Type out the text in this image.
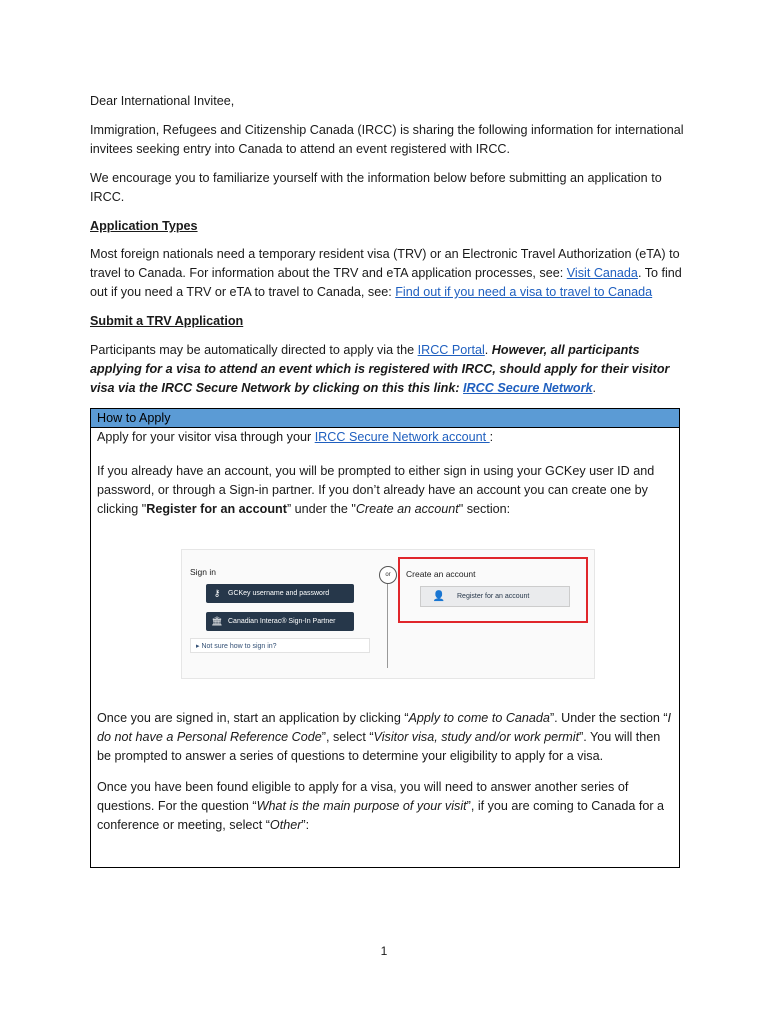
Dear International Invitee,

Immigration, Refugees and Citizenship Canada (IRCC) is sharing the following information for international invitees seeking entry into Canada to attend an event registered with IRCC.

We encourage you to familiarize yourself with the information below before submitting an application to IRCC.

Application Types

Most foreign nationals need a temporary resident visa (TRV) or an Electronic Travel Authorization (eTA) to travel to Canada. For information about the TRV and eTA application processes, see: Visit Canada. To find out if you need a TRV or eTA to travel to Canada, see: Find out if you need a visa to travel to Canada

Submit a TRV Application

Participants may be automatically directed to apply via the IRCC Portal. However, all participants applying for a visa to attend an event which is registered with IRCC, should apply for their visitor visa via the IRCC Secure Network by clicking on this this link: IRCC Secure Network.

How to Apply

Apply for your visitor visa through your IRCC Secure Network account :

If you already have an account, you will be prompted to either sign in using your GCKey user ID and password, or through a Sign-in partner. If you don’t already have an account you can create one by clicking "Register for an account” under the "Create an account" section:

Sign in
⚷	GCKey username and password
🏛 Canadian Interac® Sign-In Partner
▸ Not sure how to sign in?
or	Create an account
👤	Register for an account

Once you are signed in, start an application by clicking “Apply to come to Canada”. Under the section “I do not have a Personal Reference Code”, select “Visitor visa, study and/or work permit”. You will then be prompted to answer a series of questions to determine your eligibility to apply for a visa.

Once you have been found eligible to apply for a visa, you will need to answer another series of questions. For the question “What is the main purpose of your visit”, if you are coming to Canada for a conference or meeting, select “Other”:

1
